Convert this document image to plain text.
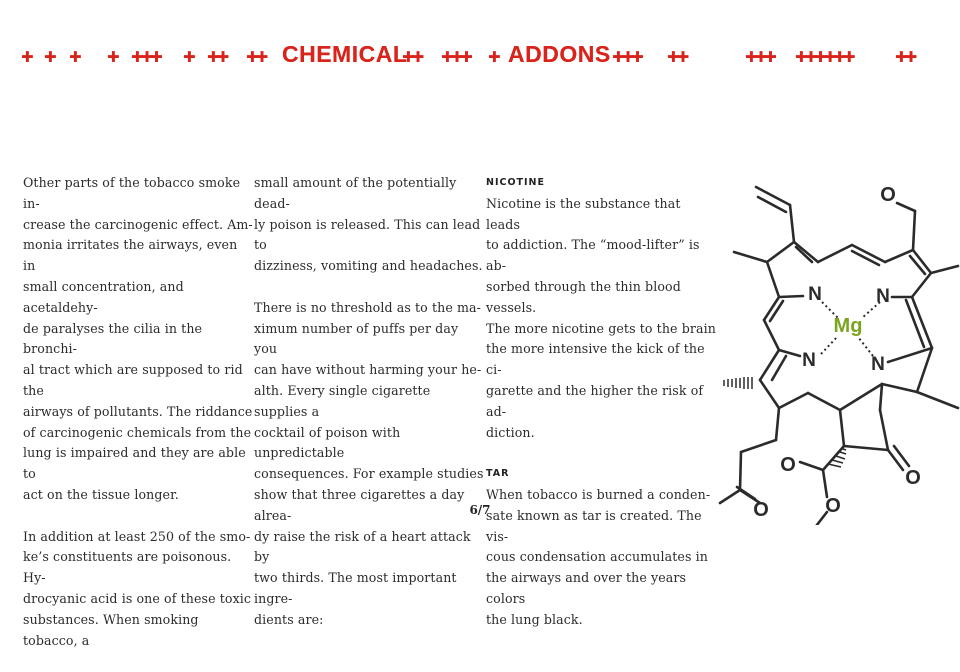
✚ ✚ ✚ ✚ ✚✚✚ ✚ ✚✚ ✚✚ CHEMICAL
✚✚ ✚✚✚ ✚ ADDONS ✚✚✚ ✚✚	✚✚✚ ✚✚✚✚✚✚	✚✚

Other parts of the tobacco smoke in-
crease the carcinogenic effect. Am-
monia irritates the airways, even in
small concentration, and acetaldehy-
de paralyses the cilia in the bronchi-
al tract which are supposed to rid the
airways of pollutants. The riddance
of carcinogenic chemicals from the
lung is impaired and they are able to
act on the tissue longer.

In addition at least 250 of the smo-
ke’s constituents are poisonous. Hy-
drocyanic acid is one of these toxic
substances. When smoking tobacco, a

small amount of the potentially dead-
ly poison is released. This can lead to
dizziness, vomiting and headaches.

There is no threshold as to the ma-
ximum number of puffs per day you
can have without harming your he-
alth. Every single cigarette supplies a
cocktail of poison with unpredictable
consequences. For example studies
show that three cigarettes a day alrea-
dy raise the risk of a heart attack by
two thirds. The most important ingre-
dients are:

NICOTINE

Nicotine is the substance that leads
to addiction. The “mood-lifter” is ab-
sorbed through the thin blood vessels.
The more nicotine gets to the brain
the more intensive the kick of the ci-
garette and the higher the risk of ad-
diction.

TAR

When tobacco is burned a conden-
sate known as tar is created. The vis-
cous condensation accumulates in
the airways and over the years colors
the lung black.

N	N
N	N
Mg
O
O
O
O
O
6/7
